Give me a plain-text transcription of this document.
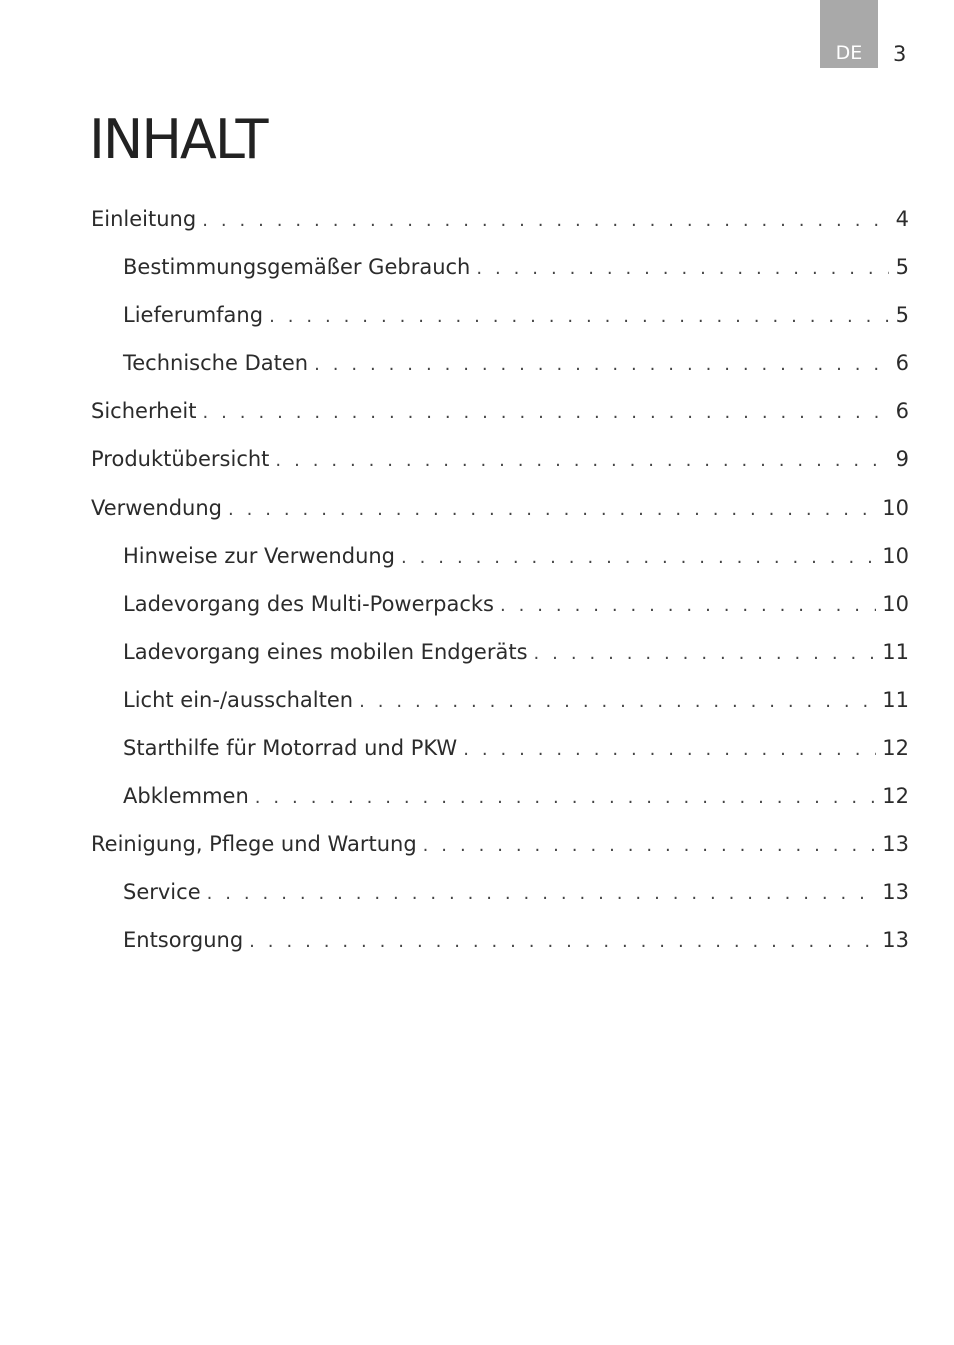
DE	3
INHALT
Einleitung . . .	4
Bestimmungsgemäßer Gebrauch . . .	5
Lieferumfang . . .	5
Technische Daten . . .	6
Sicherheit . . .	6
Produktübersicht . . .	9
Verwendung . . .	10
Hinweise zur Verwendung . . .	10
Ladevorgang des Multi-Powerpacks . . .	10
Ladevorgang eines mobilen Endgeräts . . .	11
Licht ein-/ausschalten . . .	11
Starthilfe für Motorrad und PKW . . .	12
Abklemmen . . .	12
Reinigung, Pflege und Wartung . . .	13
Service . . .	13
Entsorgung . . .	13
